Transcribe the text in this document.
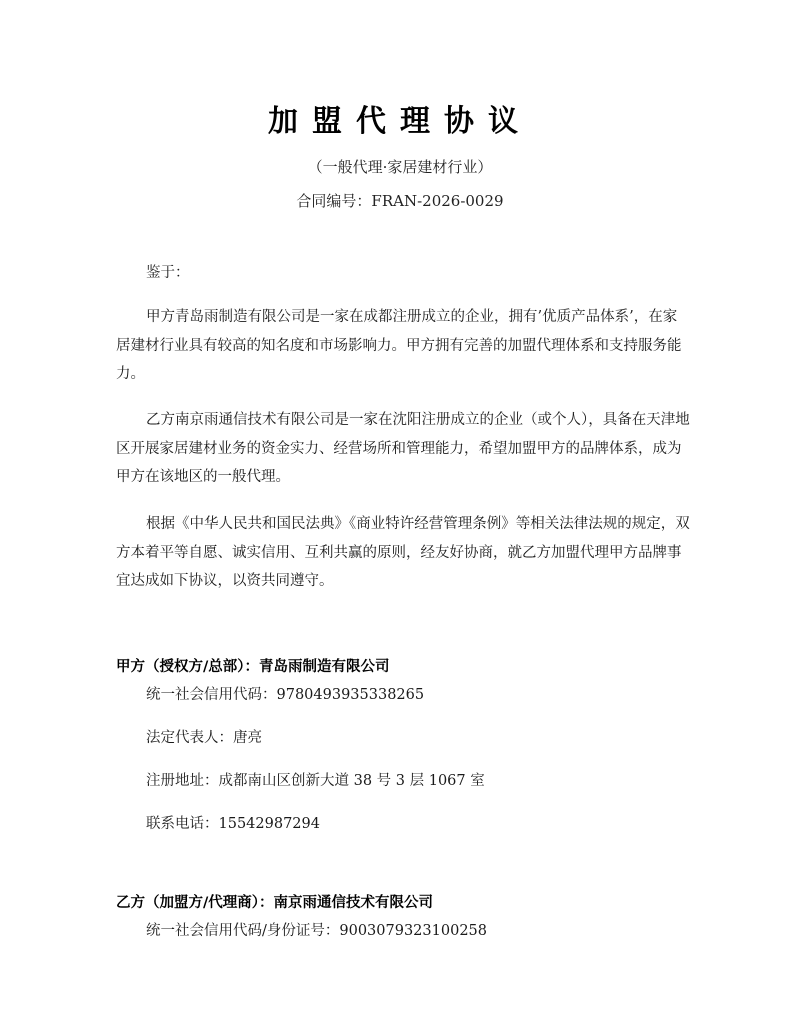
加盟代理协议
（一般代理·家居建材行业）
合同编号：FRAN-2026-0029

鉴于：

甲方青岛雨制造有限公司是一家在成都注册成立的企业，拥有’优质产品体系’，在家居建材行业具有较高的知名度和市场影响力。甲方拥有完善的加盟代理体系和支持服务能力。

乙方南京雨通信技术有限公司是一家在沈阳注册成立的企业（或个人），具备在天津地区开展家居建材业务的资金实力、经营场所和管理能力，希望加盟甲方的品牌体系，成为甲方在该地区的一般代理。

根据《中华人民共和国民法典》《商业特许经营管理条例》等相关法律法规的规定，双方本着平等自愿、诚实信用、互利共赢的原则，经友好协商，就乙方加盟代理甲方品牌事宜达成如下协议，以资共同遵守。

甲方（授权方/总部）：青岛雨制造有限公司
统一社会信用代码：9780493935338265
法定代表人：唐亮
注册地址：成都南山区创新大道 38 号 3 层 1067 室
联系电话：15542987294
乙方（加盟方/代理商）：南京雨通信技术有限公司
统一社会信用代码/身份证号：9003079323100258
